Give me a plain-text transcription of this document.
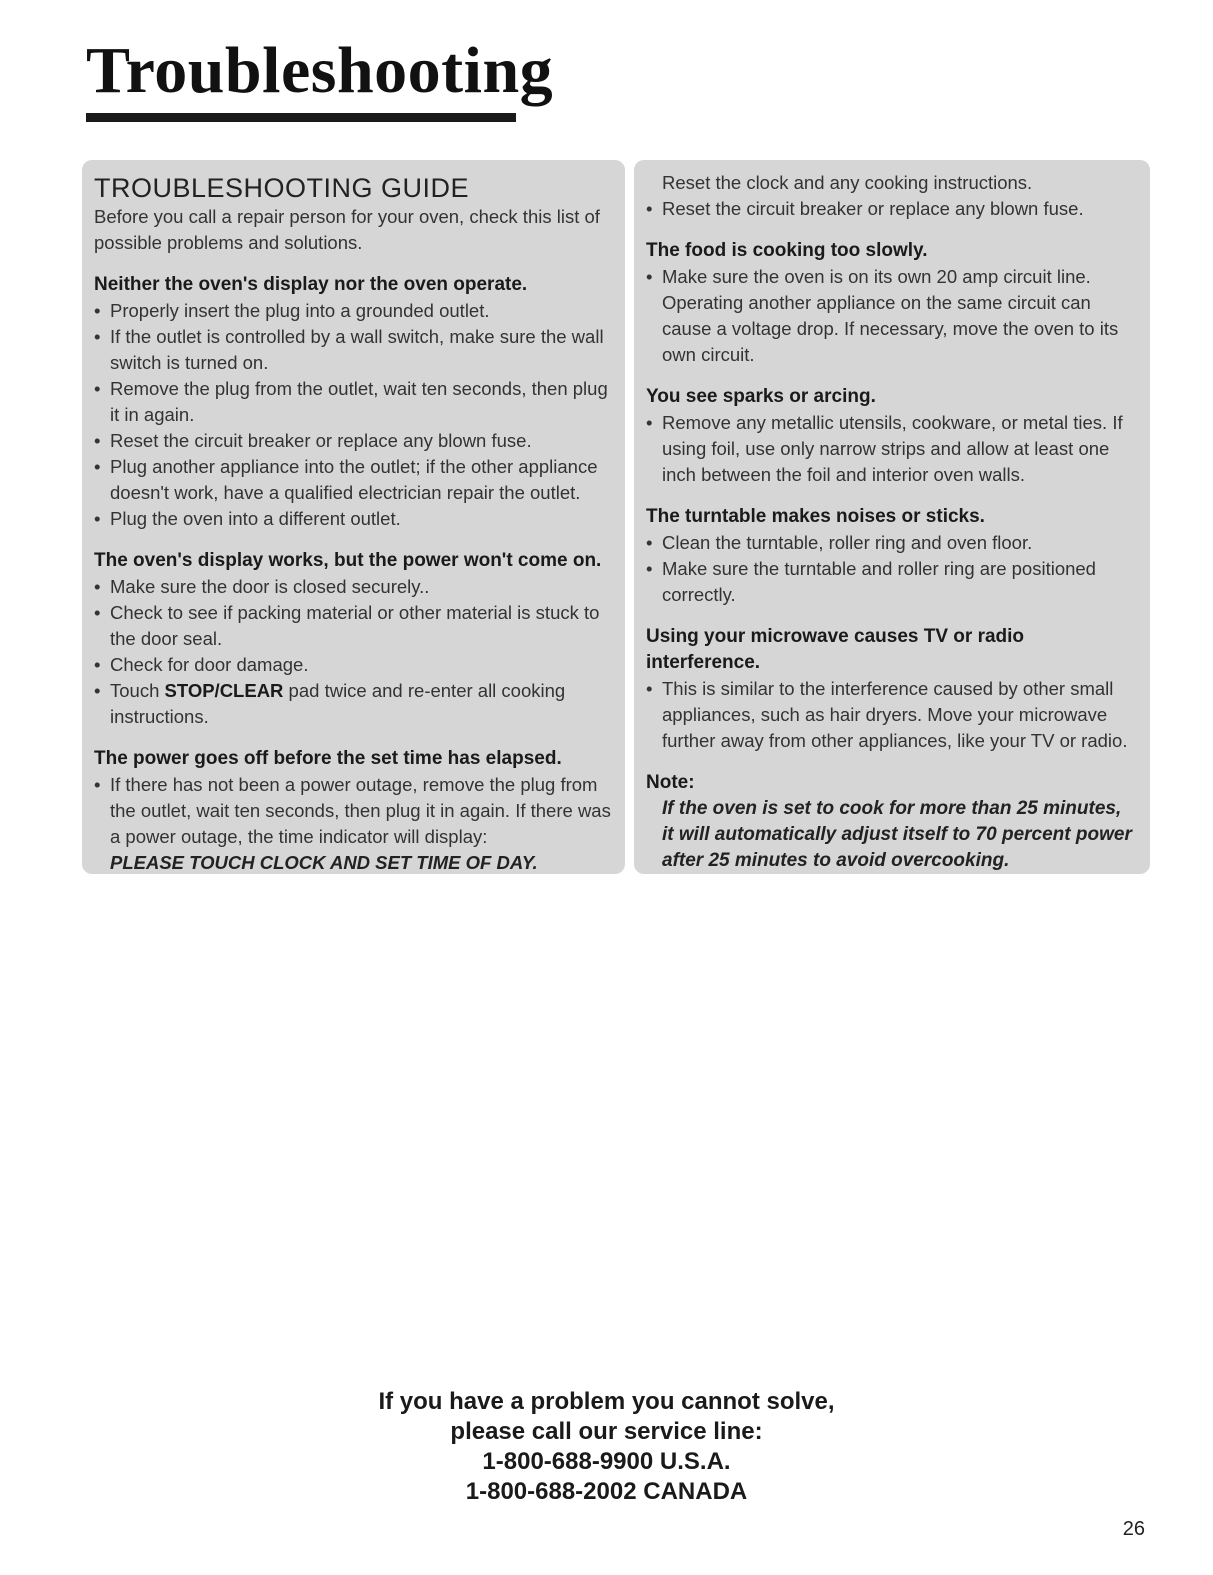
Troubleshooting
TROUBLESHOOTING GUIDE

Before you call a repair person for your oven, check this list of possible problems and solutions.

Neither the oven's display nor the oven operate.

• Properly insert the plug into a grounded outlet.
• If the outlet is controlled by a wall switch, make sure the wall switch is turned on.
• Remove the plug from the outlet, wait ten seconds, then plug it in again.
• Reset the circuit breaker or replace any blown fuse.
• Plug another appliance into the outlet; if the other appliance doesn't work, have a qualified electrician repair the outlet.
• Plug the oven into a different outlet.

The oven's display works, but the power won't come on.

• Make sure the door is closed securely..
• Check to see if packing material or other material is stuck to the door seal.
• Check for door damage.
• Touch STOP/CLEAR pad twice and re-enter all cooking instructions.

The power goes off before the set time has elapsed.

• If there has not been a power outage, remove the plug from the outlet, wait ten seconds, then plug it in again. If there was a power outage, the time indicator will display:
PLEASE TOUCH CLOCK AND SET TIME OF DAY.

Reset the clock and any cooking instructions.

• Reset the circuit breaker or replace any blown fuse.

The food is cooking too slowly.

• Make sure the oven is on its own 20 amp circuit line. Operating another appliance on the same circuit can cause a voltage drop. If necessary, move the oven to its own circuit.

You see sparks or arcing.

• Remove any metallic utensils, cookware, or metal ties. If using foil, use only narrow strips and allow at least one inch between the foil and interior oven walls.

The turntable makes noises or sticks.

• Clean the turntable, roller ring and oven floor.
• Make sure the turntable and roller ring are positioned correctly.

Using your microwave causes TV or radio interference.

• This is similar to the interference caused by other small appliances, such as hair dryers. Move your microwave further away from other appliances, like your TV or radio.

Note:

If the oven is set to cook for more than 25 minutes, it will automatically adjust itself to 70 percent power after 25 minutes to avoid overcooking.

If you have a problem you cannot solve,

please call our service line:

1-800-688-9900 U.S.A.

1-800-688-2002 CANADA

26
